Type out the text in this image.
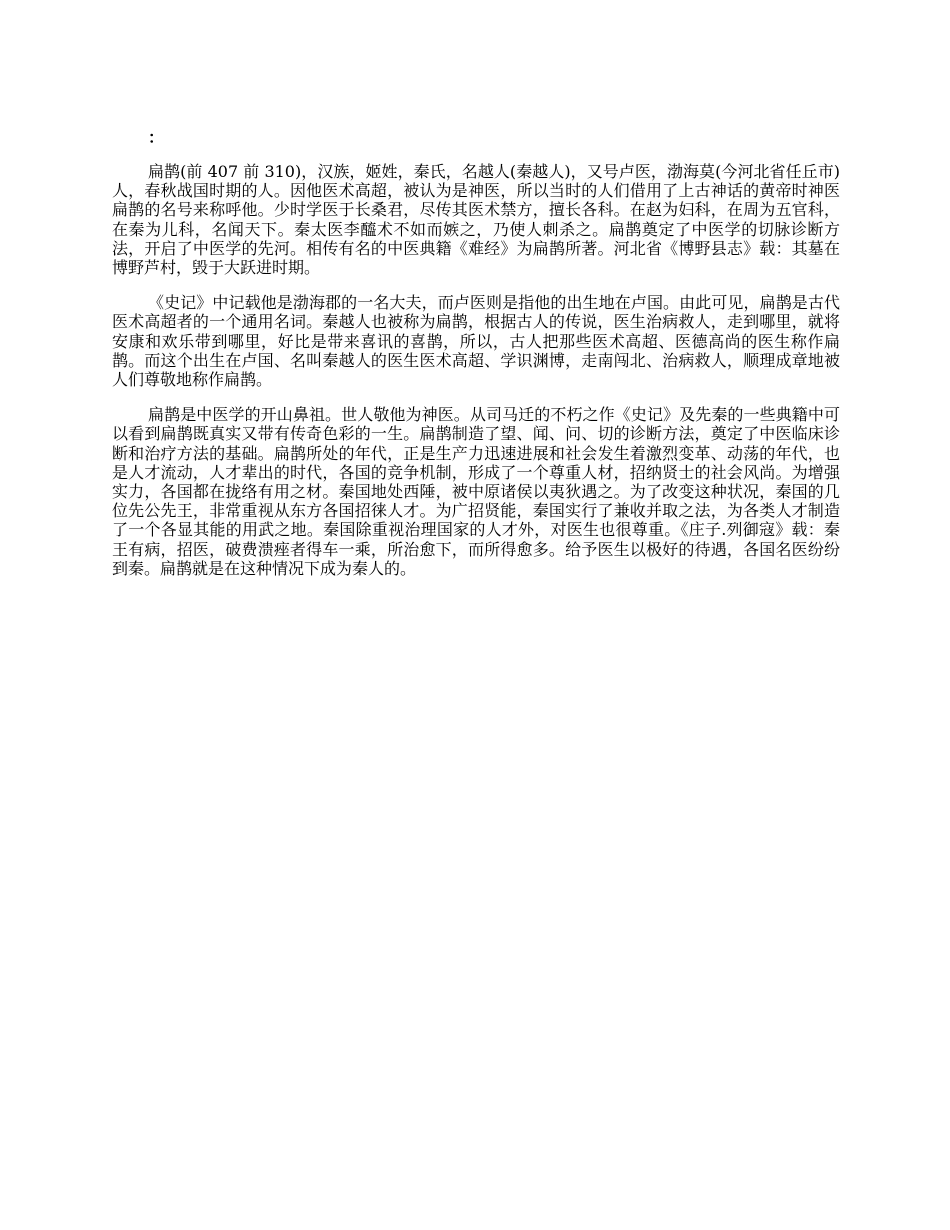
：

扁鹊(前 407 前 310)，汉族，姬姓，秦氏，名越人(秦越人)，又号卢医，渤海莫(今河北省任丘市)人，春秋战国时期的人。因他医术高超，被认为是神医，所以当时的人们借用了上古神话的黄帝时神医扁鹊的名号来称呼他。少时学医于长桑君，尽传其医术禁方，擅长各科。在赵为妇科，在周为五官科，在秦为儿科，名闻天下。秦太医李醯术不如而嫉之，乃使人刺杀之。扁鹊奠定了中医学的切脉诊断方法，开启了中医学的先河。相传有名的中医典籍《难经》为扁鹊所著。河北省《博野县志》载：其墓在博野芦村，毁于大跃进时期。

《史记》中记载他是渤海郡的一名大夫，而卢医则是指他的出生地在卢国。由此可见，扁鹊是古代医术高超者的一个通用名词。秦越人也被称为扁鹊，根据古人的传说，医生治病救人，走到哪里，就将安康和欢乐带到哪里，好比是带来喜讯的喜鹊，所以，古人把那些医术高超、医德高尚的医生称作扁鹊。而这个出生在卢国、名叫秦越人的医生医术高超、学识渊博，走南闯北、治病救人，顺理成章地被人们尊敬地称作扁鹊。

扁鹊是中医学的开山鼻祖。世人敬他为神医。从司马迁的不朽之作《史记》及先秦的一些典籍中可以看到扁鹊既真实又带有传奇色彩的一生。扁鹊制造了望、闻、问、切的诊断方法，奠定了中医临床诊断和治疗方法的基础。扁鹊所处的年代，正是生产力迅速进展和社会发生着激烈变革、动荡的年代，也是人才流动，人才辈出的时代，各国的竞争机制，形成了一个尊重人材，招纳贤士的社会风尚。为增强实力，各国都在拢络有用之材。秦国地处西陲，被中原诸侯以夷狄遇之。为了改变这种状况，秦国的几位先公先王，非常重视从东方各国招徕人才。为广招贤能，秦国实行了兼收并取之法，为各类人才制造了一个各显其能的用武之地。秦国除重视治理国家的人才外，对医生也很尊重。《庄子.列御寇》载：秦王有病，招医，破费溃痤者得车一乘，所治愈下，而所得愈多。给予医生以极好的待遇，各国名医纷纷到秦。扁鹊就是在这种情况下成为秦人的。
